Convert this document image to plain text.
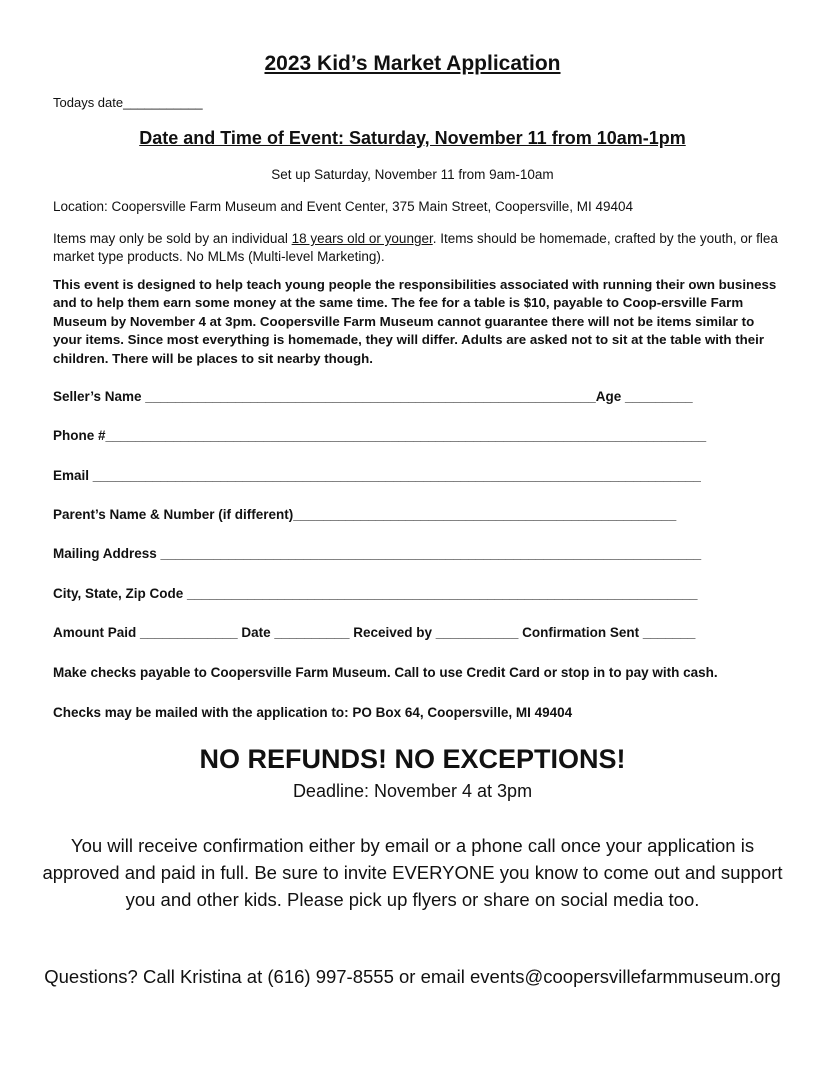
2023 Kid’s Market Application
Todays date___________
Date and Time of Event: Saturday, November 11 from 10am-1pm
Set up Saturday, November 11 from 9am-10am
Location: Coopersville Farm Museum and Event Center, 375 Main Street, Coopersville, MI 49404
Items may only be sold by an individual 18 years old or younger. Items should be homemade, crafted by the youth, or flea market type products. No MLMs (Multi-level Marketing).
This event is designed to help teach young people the responsibilities associated with running their own business and to help them earn some money at the same time. The fee for a table is $10, payable to Coop-ersville Farm Museum by November 4 at 3pm. Coopersville Farm Museum cannot guarantee there will not be items similar to your items. Since most everything is homemade, they will differ. Adults are asked not to sit at the table with their children. There will be places to sit nearby though.
Seller’s Name ____________________________________________________________Age _________
Phone #________________________________________________________________________________
Email _________________________________________________________________________________
Parent’s Name & Number (if different)___________________________________________________
Mailing Address ________________________________________________________________________
City, State, Zip Code ____________________________________________________________________
Amount Paid _____________ Date __________ Received by ___________ Confirmation Sent _______
Make checks payable to Coopersville Farm Museum. Call to use Credit Card or stop in to pay with cash.
Checks may be mailed with the application to: PO Box 64, Coopersville, MI 49404
NO REFUNDS! NO EXCEPTIONS!
Deadline: November 4 at 3pm
You will receive confirmation either by email or a phone call once your application is approved and paid in full. Be sure to invite EVERYONE you know to come out and support you and other kids. Please pick up flyers or share on social media too.
Questions? Call Kristina at (616) 997-8555 or email events@coopersvillefarmmuseum.org
